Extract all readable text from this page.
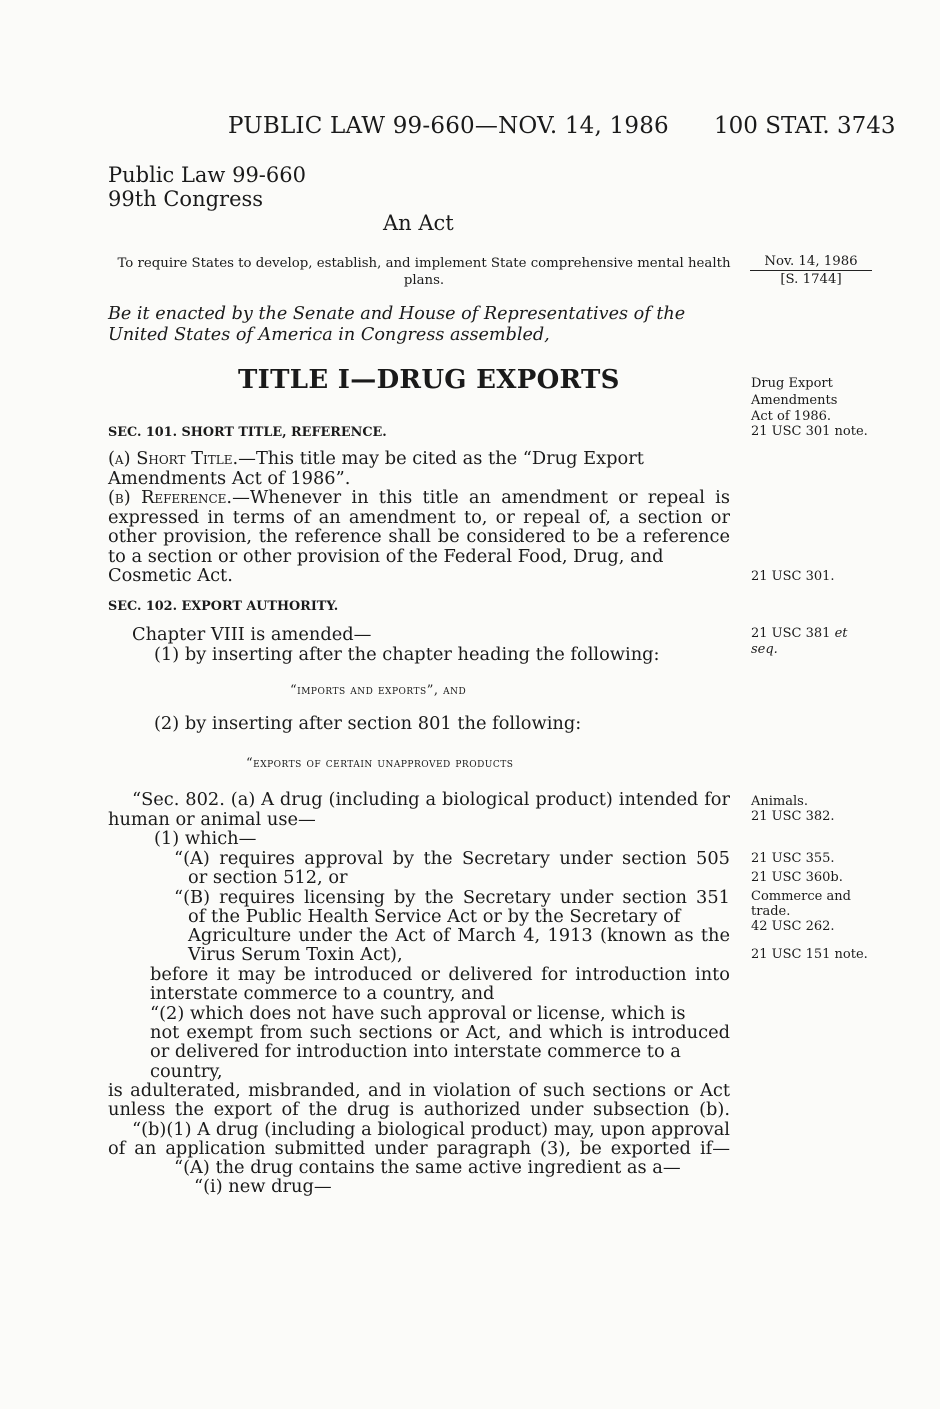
PUBLIC LAW 99-660—NOV. 14, 1986 100 STAT. 3743
Public Law 99-660
99th Congress
An Act
To require States to develop, establish, and implement State comprehensive mental health plans.
Nov. 14, 1986
[S. 1744]
Be it enacted by the Senate and House of Representatives of the United States of America in Congress assembled,
TITLE I—DRUG EXPORTS	Drug Export
Amendments
Act of 1986.
21 USC 301 note.
21 USC 301.
21 USC 381 et
seq.
Animals.
21 USC 382.
21 USC 355.
21 USC 360b.
Commerce and
trade.
42 USC 262.
21 USC 151 note.
SEC. 101. SHORT TITLE, REFERENCE.
(a) Short Title.—This title may be cited as the “Drug Export
Amendments Act of 1986”.
(b) Reference.—Whenever in this title an amendment or repeal is
expressed in terms of an amendment to, or repeal of, a section or
other provision, the reference shall be considered to be a reference
to a section or other provision of the Federal Food, Drug, and
Cosmetic Act.
SEC. 102. EXPORT AUTHORITY.
Chapter VIII is amended—
(1) by inserting after the chapter heading the following:
“imports and exports”, and
(2) by inserting after section 801 the following:
“exports of certain unapproved products
“Sec. 802. (a) A drug (including a biological product) intended for
human or animal use—
(1) which—
“(A) requires approval by the Secretary under section 505
or section 512, or
“(B) requires licensing by the Secretary under section 351
of the Public Health Service Act or by the Secretary of
Agriculture under the Act of March 4, 1913 (known as the
Virus Serum Toxin Act),
before it may be introduced or delivered for introduction into
interstate commerce to a country, and
“(2) which does not have such approval or license, which is
not exempt from such sections or Act, and which is introduced
or delivered for introduction into interstate commerce to a
country,
is adulterated, misbranded, and in violation of such sections or Act
unless the export of the drug is authorized under subsection (b).
“(b)(1) A drug (including a biological product) may, upon approval
of an application submitted under paragraph (3), be exported if—
“(A) the drug contains the same active ingredient as a—
“(i) new drug—
